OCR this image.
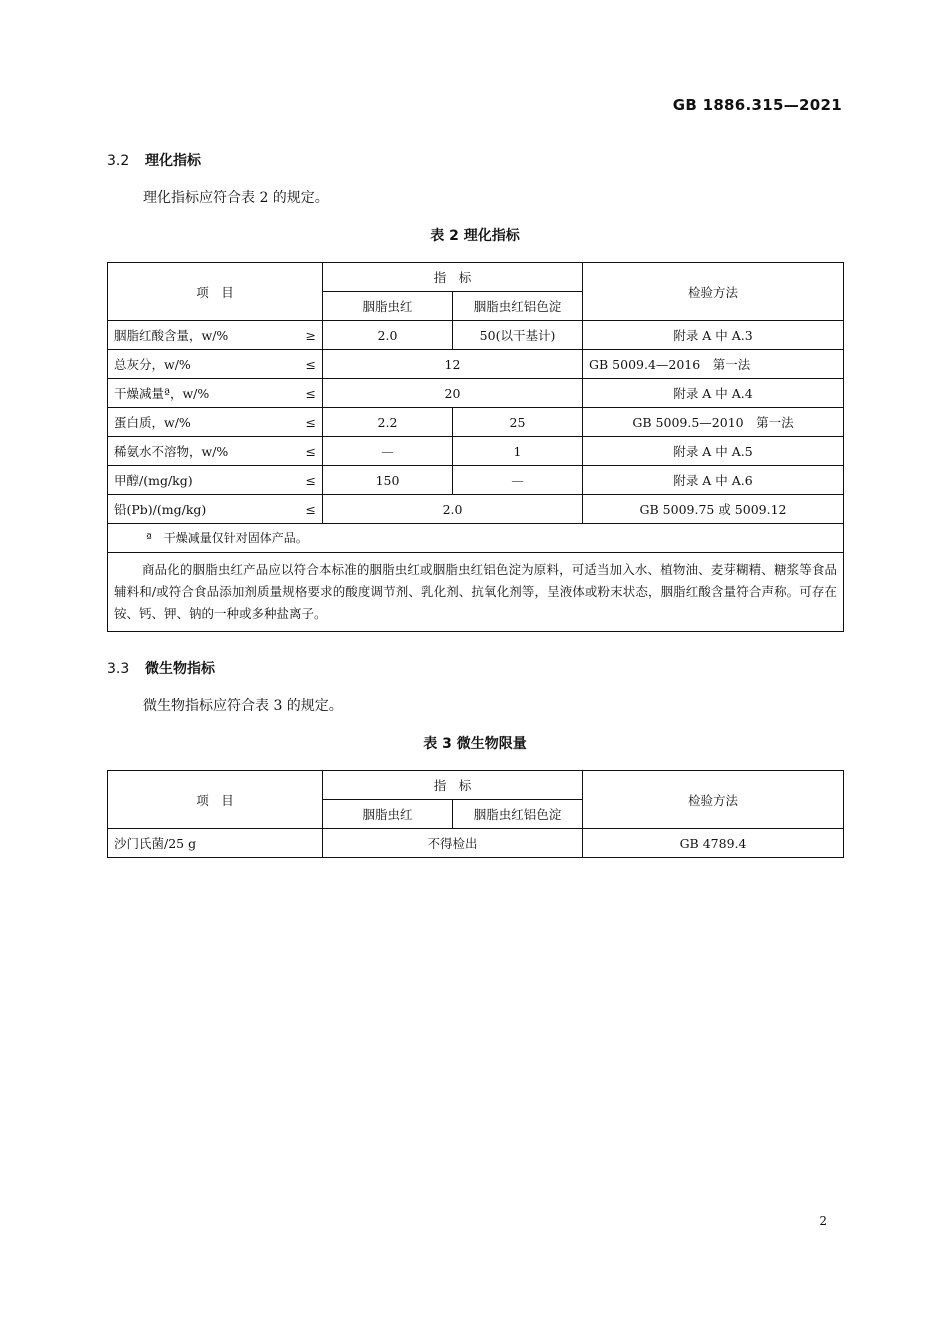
GB 1886.315—2021
3.2 理化指标
理化指标应符合表 2 的规定。
表 2 理化指标
项　目	指　标		检验方法
	胭脂虫红	胭脂虫红铝色淀	

胭脂红酸含量，w/% ≥	2.0	50(以干基计)	附录 A 中 A.3

总灰分，w/% ≤	12		GB 5009.4—2016　第一法

干燥减量ª，w/% ≤	20		附录 A 中 A.4

蛋白质，w/% ≤	2.2	25	GB 5009.5—2010　第一法

稀氨水不溶物，w/% ≤	—	1	附录 A 中 A.5

甲醇/(mg/kg) ≤	150	—	附录 A 中 A.6

铅(Pb)/(mg/kg) ≤	2.0		GB 5009.75 或 5009.12
ª　干燥减量仅针对固体产品。			
商品化的胭脂虫红产品应以符合本标准的胭脂虫红或胭脂虫红铝色淀为原料，可适当加入水、植物油、麦芽糊精、糖浆等食品辅料和/或符合食品添加剂质量规格要求的酸度调节剂、乳化剂、抗氧化剂等，呈液体或粉末状态，胭脂红酸含量符合声称。可存在铵、钙、钾、钠的一种或多种盐离子。			
3.3 微生物指标
微生物指标应符合表 3 的规定。
表 3 微生物限量
项　目	指　标		检验方法
	胭脂虫红	胭脂虫红铝色淀	

沙门氏菌/25 g	不得检出		GB 4789.4
2
